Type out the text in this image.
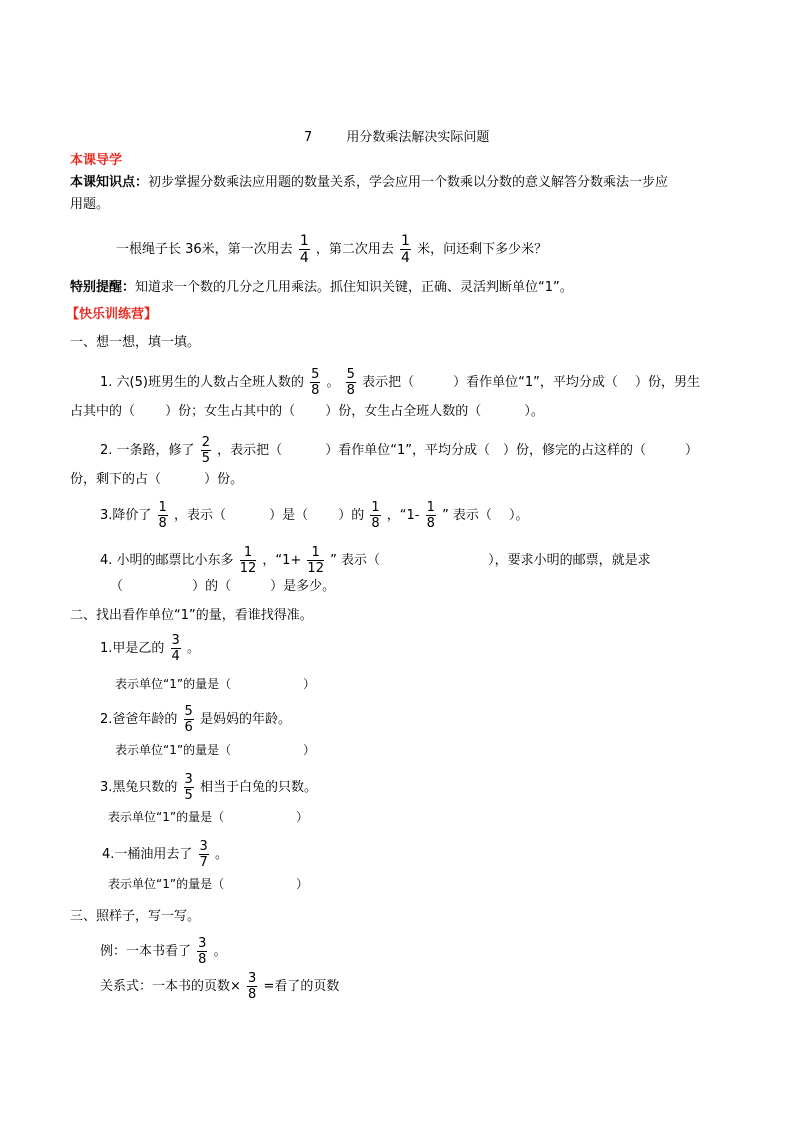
7	用分数乘法解决实际问题
本课导学
本课知识点：初步掌握分数乘法应用题的数量关系，学会应用一个数乘以分数的意义解答分数乘法一步应
用题。
一根绳子长 36米，第一次用去 $\frac{1}{4}$ ，第二次用去 $\frac{1}{4}$ 米，问还剩下多少米？
特别提醒：知道求一个数的几分之几用乘法。抓住知识关键，正确、灵活判断单位“1”。
【快乐训练营】
一、想一想，填一填。
1. 六(5)班男生的人数占全班人数的 $\frac{5}{8}$ 。 $\frac{5}{8}$ 表示把（　　　）看作单位“1”，平均分成（　 ）份，男生
占其中的（　　 ）份；女生占其中的（　　 ）份，女生占全班人数的（　　　 ）。
2. 一条路，修了 $\frac{2}{5}$ ，表示把（　　　 ）看作单位“1”，平均分成（　）份，修完的占这样的（　　　）
份，剩下的占（　　　 ）份。
3.降价了 $\frac{1}{8}$ ，表示（　　　 ）是（　　 ）的 $\frac{1}{8}$ ，“$1- \frac{1}{8}$ ” 表示（　 ）。
4. 小明的邮票比小东多 $\frac{1}{12}$ ，“$1+ \frac{1}{12}$ ” 表示（　　　　　　　　 ），要求小明的邮票，就是求
（　　　　　 ）的（　　　）是多少。
二、找出看作单位“1”的量，看谁找得准。
1.甲是乙的 $\frac{3}{4}$ 。
表示单位“1”的量是（　　　　　　）
2.爸爸年龄的 $\frac{5}{6}$ 是妈妈的年龄。
表示单位“1”的量是（　　　　　　）
3.黑兔只数的 $\frac{3}{5}$ 相当于白兔的只数。
表示单位“1”的量是（　　　　　　）
4.一桶油用去了 $\frac{3}{7}$ 。
表示单位“1”的量是（　　　　　　）
三、照样子，写一写。
例：一本书看了 $\frac{3}{8}$ 。
关系式：一本书的页数× $\frac{3}{8}$ =看了的页数
